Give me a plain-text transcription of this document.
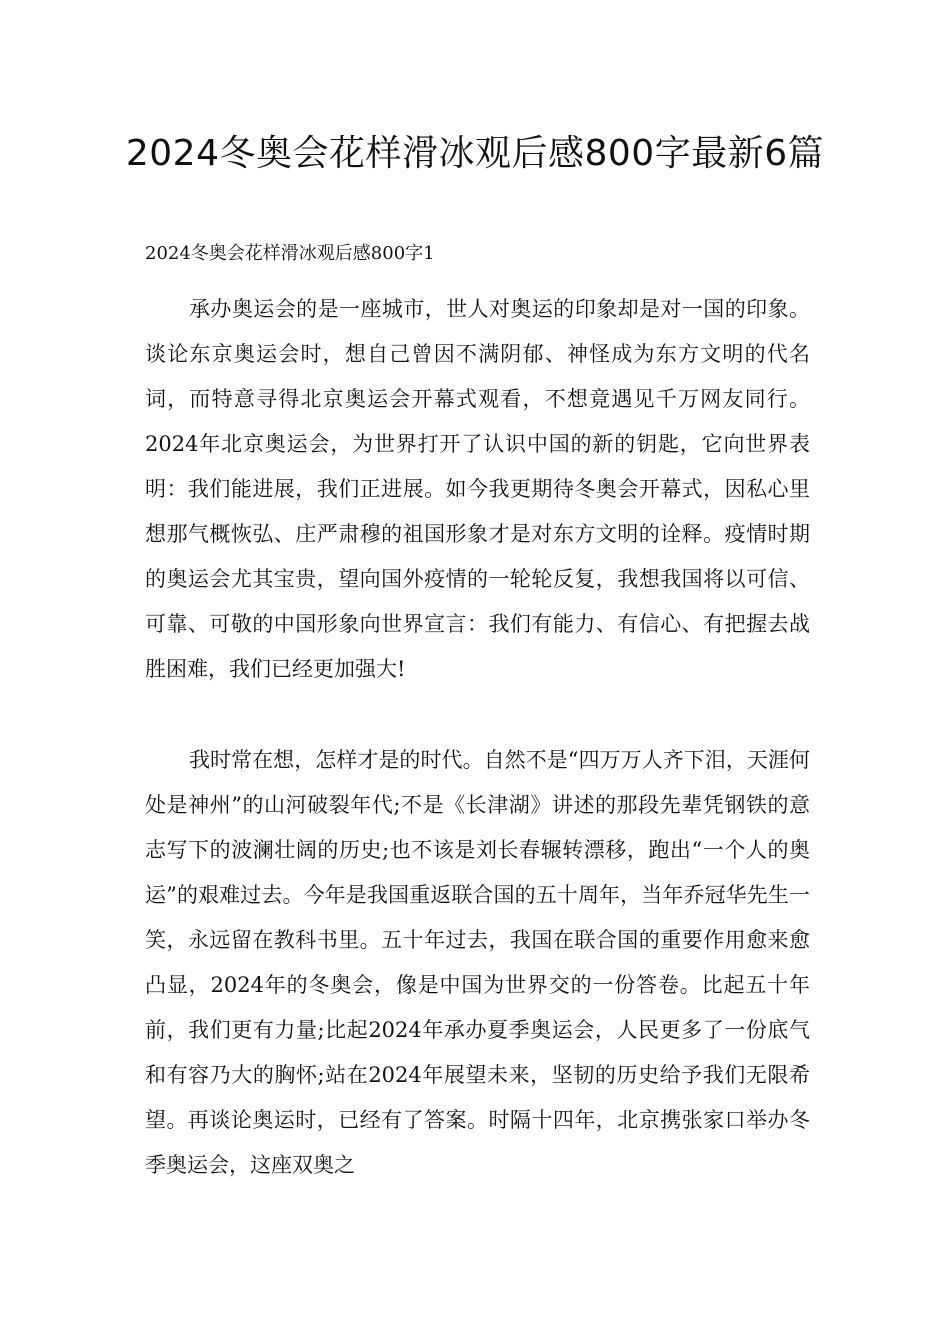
2024冬奥会花样滑冰观后感800字最新6篇
2024冬奥会花样滑冰观后感800字1

承办奥运会的是一座城市，世人对奥运的印象却是对一国的印象。谈论东京奥运会时，想自己曾因不满阴郁、神怪成为东方文明的代名词，而特意寻得北京奥运会开幕式观看，不想竟遇见千万网友同行。2024年北京奥运会，为世界打开了认识中国的新的钥匙，它向世界表明：我们能进展，我们正进展。如今我更期待冬奥会开幕式，因私心里想那气概恢弘、庄严肃穆的祖国形象才是对东方文明的诠释。疫情时期的奥运会尤其宝贵，望向国外疫情的一轮轮反复，我想我国将以可信、可靠、可敬的中国形象向世界宣言：我们有能力、有信心、有把握去战胜困难，我们已经更加强大!

我时常在想，怎样才是的时代。自然不是“四万万人齐下泪，天涯何处是神州”的山河破裂年代;不是《长津湖》讲述的那段先辈凭钢铁的意志写下的波澜壮阔的历史;也不该是刘长春辗转漂移，跑出“一个人的奥运”的艰难过去。今年是我国重返联合国的五十周年，当年乔冠华先生一笑，永远留在教科书里。五十年过去，我国在联合国的重要作用愈来愈凸显，2024年的冬奥会，像是中国为世界交的一份答卷。比起五十年前，我们更有力量;比起2024年承办夏季奥运会，人民更多了一份底气和有容乃大的胸怀;站在2024年展望未来，坚韧的历史给予我们无限希望。再谈论奥运时，已经有了答案。时隔十四年，北京携张家口举办冬季奥运会，这座双奥之
